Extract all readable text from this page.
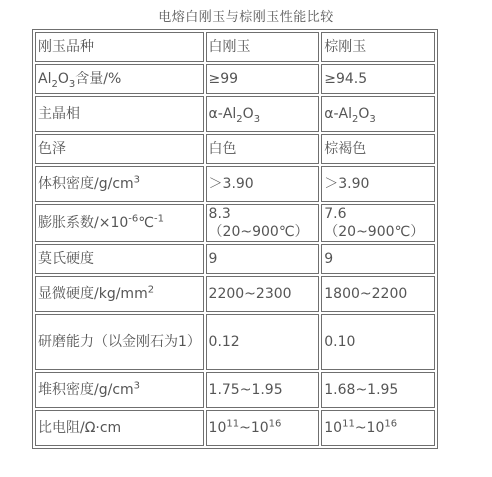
电熔白刚玉与棕刚玉性能比较
刚玉品种	白刚玉	棕刚玉
$Al_2O_3$含量/%	≥99	≥94.5
主晶相	$\alpha-Al_2O_3$	$\alpha-Al_2O_3$
色泽	白色	棕褐色
体积密度$/g/cm^3$	＞3.90	＞3.90
膨胀系数$/\times 10^{-6}℃^{-1}$	8.3（20~900℃）	7.6（20~900℃）
莫氏硬度	9	9
显微硬度$/kg/mm^2$	2200~2300	1800~2200
研磨能力（以金刚石为1）	0.12	0.10
堆积密度$/g/cm^3$	1.75~1.95	1.68~1.95
比电阻/Ω·cm	$10^{11}\sim 10^{16}$	$10^{11}\sim 10^{16}$
